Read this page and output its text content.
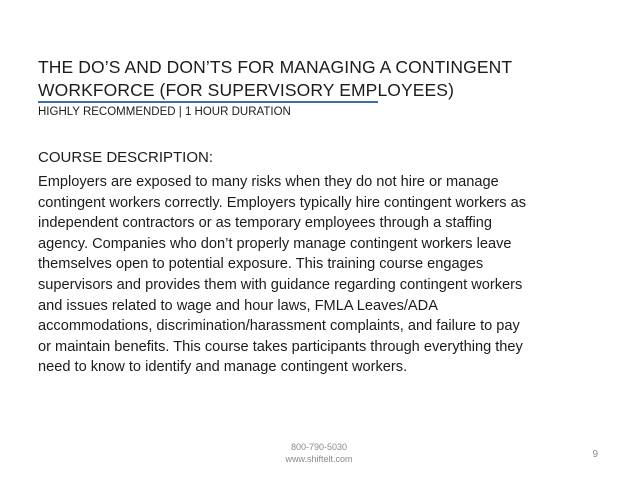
THE DO’S AND DON’TS FOR MANAGING A CONTINGENT
WORKFORCE (FOR SUPERVISORY EMPLOYEES)
HIGHLY RECOMMENDED | 1 HOUR DURATION
COURSE DESCRIPTION:
Employers are exposed to many risks when they do not hire or manage
contingent workers correctly. Employers typically hire contingent workers as
independent contractors or as temporary employees through a staffing
agency. Companies who don’t properly manage contingent workers leave
themselves open to potential exposure. This training course engages
supervisors and provides them with guidance regarding contingent workers
and issues related to wage and hour laws, FMLA Leaves/ADA
accommodations, discrimination/harassment complaints, and failure to pay
or maintain benefits. This course takes participants through everything they
need to know to identify and manage contingent workers.
800-790-5030
www.shiftelt.com	9
